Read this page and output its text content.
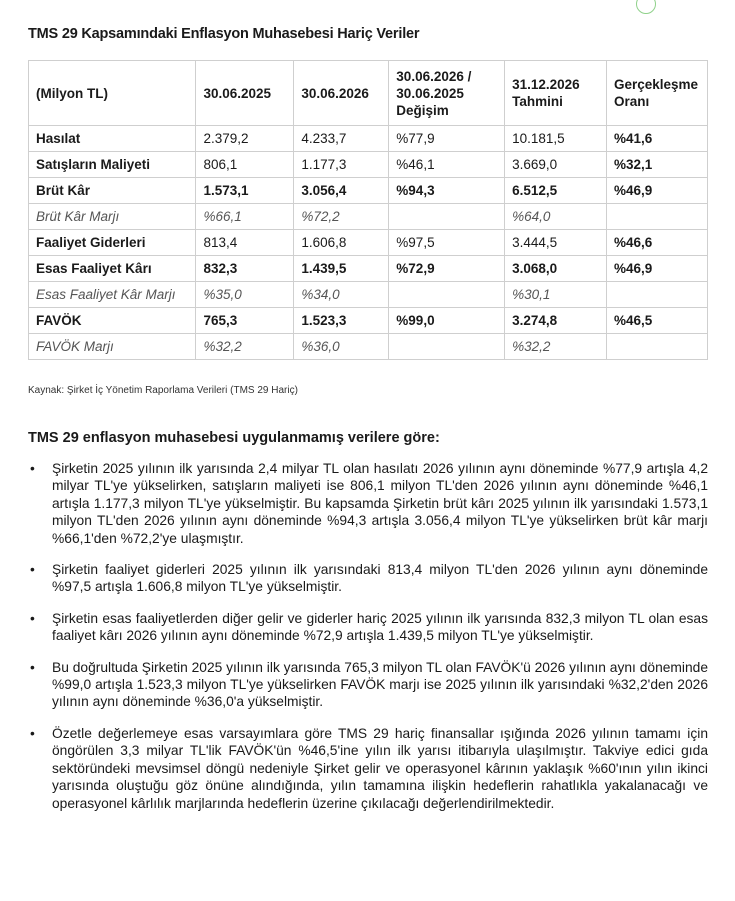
TMS 29 Kapsamındaki Enflasyon Muhasebesi Hariç Veriler
(Milyon TL)	30.06.2025	30.06.2026	30.06.2026 / 30.06.2025 Değişim	31.12.2026 Tahmini	Gerçekleşme Oranı
Hasılat	2.379,2	4.233,7	%77,9	10.181,5	%41,6
Satışların Maliyeti	806,1	1.177,3	%46,1	3.669,0	%32,1
Brüt Kâr	1.573,1	3.056,4	%94,3	6.512,5	%46,9
Brüt Kâr Marjı	%66,1	%72,2		%64,0	
Faaliyet Giderleri	813,4	1.606,8	%97,5	3.444,5	%46,6
Esas Faaliyet Kârı	832,3	1.439,5	%72,9	3.068,0	%46,9
Esas Faaliyet Kâr Marjı	%35,0	%34,0		%30,1	
FAVÖK	765,3	1.523,3	%99,0	3.274,8	%46,5
FAVÖK Marjı	%32,2	%36,0		%32,2	

Kaynak: Şirket İç Yönetim Raporlama Verileri (TMS 29 Hariç)

TMS 29 enflasyon muhasebesi uygulanmamış verilere göre:
• Şirketin 2025 yılının ilk yarısında 2,4 milyar TL olan hasılatı 2026 yılının aynı döneminde %77,9 artışla 4,2 milyar TL'ye yükselirken, satışların maliyeti ise 806,1 milyon TL'den 2026 yılının aynı döneminde %46,1 artışla 1.177,3 milyon TL'ye yükselmiştir. Bu kapsamda Şirketin brüt kârı 2025 yılının ilk yarısındaki 1.573,1 milyon TL'den 2026 yılının aynı döneminde %94,3 artışla 3.056,4 milyon TL'ye yükselirken brüt kâr marjı %66,1'den %72,2'ye ulaşmıştır.
• Şirketin faaliyet giderleri 2025 yılının ilk yarısındaki 813,4 milyon TL'den 2026 yılının aynı döneminde %97,5 artışla 1.606,8 milyon TL'ye yükselmiştir.
• Şirketin esas faaliyetlerden diğer gelir ve giderler hariç 2025 yılının ilk yarısında 832,3 milyon TL olan esas faaliyet kârı 2026 yılının aynı döneminde %72,9 artışla 1.439,5 milyon TL'ye yükselmiştir.
• Bu doğrultuda Şirketin 2025 yılının ilk yarısında 765,3 milyon TL olan FAVÖK'ü 2026 yılının aynı döneminde %99,0 artışla 1.523,3 milyon TL'ye yükselirken FAVÖK marjı ise 2025 yılının ilk yarısındaki %32,2'den 2026 yılının aynı döneminde %36,0'a yükselmiştir.
• Özetle değerlemeye esas varsayımlara göre TMS 29 hariç finansallar ışığında 2026 yılının tamamı için öngörülen 3,3 milyar TL'lik FAVÖK'ün %46,5'ine yılın ilk yarısı itibarıyla ulaşılmıştır. Takviye edici gıda sektöründeki mevsimsel döngü nedeniyle Şirket gelir ve operasyonel kârının yaklaşık %60'ının yılın ikinci yarısında oluştuğu göz önüne alındığında, yılın tamamına ilişkin hedeflerin rahatlıkla yakalanacağı ve operasyonel kârlılık marjlarında hedeflerin üzerine çıkılacağı değerlendirilmektedir.
